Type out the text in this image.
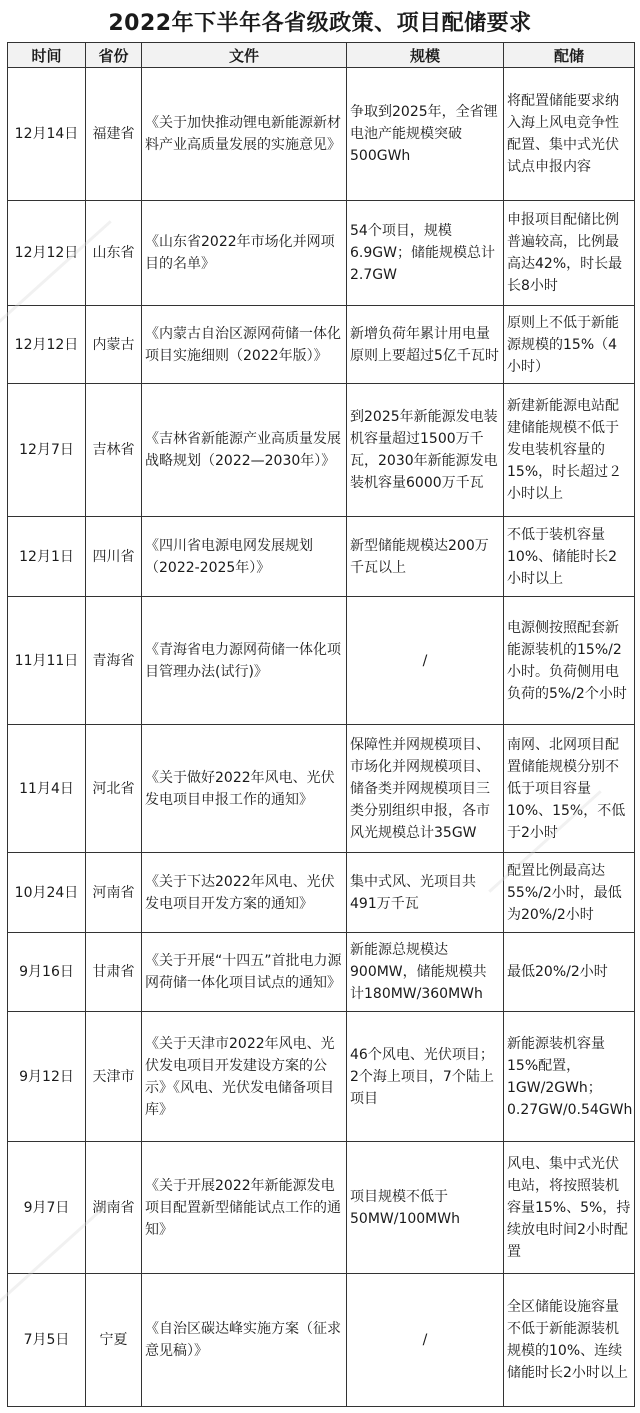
2022年下半年各省级政策、项目配储要求
时间	省份	文件	规模	配储
12月14日	福建省	《关于加快推动锂电新能源新材料产业高质量发展的实施意见》	争取到2025年，全省锂电池产能规模突破500GWh	将配置储能要求纳入海上风电竞争性配置、集中式光伏试点申报内容
12月12日	山东省	《山东省2022年市场化并网项目的名单》	54个项目，规模6.9GW；储能规模总计2.7GW	申报项目配储比例普遍较高，比例最高达42%，时长最长8小时
12月12日	内蒙古	《内蒙古自治区源网荷储一体化项目实施细则（2022年版）》	新增负荷年累计用电量原则上要超过5亿千瓦时	原则上不低于新能源规模的15%（4小时）
12月7日	吉林省	《吉林省新能源产业高质量发展战略规划（2022—2030年）》	到2025年新能源发电装机容量超过1500万千瓦，2030年新能源发电装机容量6000万千瓦	新建新能源电站配建储能规模不低于发电装机容量的15%，时长超过２小时以上
12月1日	四川省	《四川省电源电网发展规划（2022-2025年）》	新型储能规模达200万千瓦以上	不低于装机容量10%、储能时长2小时以上
11月11日	青海省	《青海省电力源网荷储一体化项目管理办法(试行)》	/	电源侧按照配套新能源装机的15%/2小时。负荷侧用电负荷的5%/2个小时
11月4日	河北省	《关于做好2022年风电、光伏发电项目申报工作的通知》	保障性并网规模项目、市场化并网规模项目、储备类并网规模项目三类分别组织申报，各市风光规模总计35GW	南网、北网项目配置储能规模分别不低于项目容量10%、15%，不低于2小时
10月24日	河南省	《关于下达2022年风电、光伏发电项目开发方案的通知》	集中式风、光项目共491万千瓦	配置比例最高达55%/2小时，最低为20%/2小时
9月16日	甘肃省	《关于开展“十四五”首批电力源网荷储一体化项目试点的通知》	新能源总规模达900MW，储能规模共计180MW/360MWh	最低20%/2小时
9月12日	天津市	《关于天津市2022年风电、光伏发电项目开发建设方案的公示》《风电、光伏发电储备项目库》	46个风电、光伏项目；2个海上项目，7个陆上项目	新能源装机容量15%配置，1GW/2GWh；0.27GW/0.54GWh
9月7日	湖南省	《关于开展2022年新能源发电项目配置新型储能试点工作的通知》	项目规模不低于50MW/100MWh	风电、集中式光伏电站，将按照装机容量15%、5%，持续放电时间2小时配置
7月5日	宁夏	《自治区碳达峰实施方案（征求意见稿）》	/	全区储能设施容量不低于新能源装机规模的10%、连续储能时长2小时以上
